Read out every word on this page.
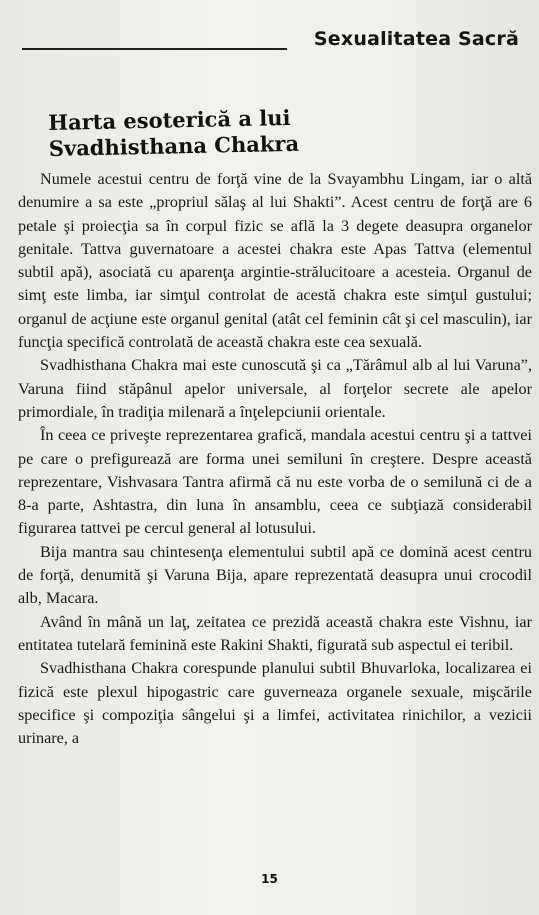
Sexualitatea Sacră
Harta esoterică a lui Svadhisthana Chakra

Numele acestui centru de forţă vine de la Svayambhu Lingam, iar o altă denumire a sa este „propriul sălaş al lui Shakti”. Acest centru de forţă are 6 petale şi proiecţia sa în corpul fizic se află la 3 degete deasupra organelor genitale. Tattva guvernatoare a acestei chakra este Apas Tattva (elementul subtil apă), asociată cu aparenţa argintie-strălucitoare a acesteia. Organul de simţ este limba, iar simţul controlat de acestă chakra este simţul gustului; organul de acţiune este organul genital (atât cel feminin cât şi cel masculin), iar funcţia specifică controlată de această chakra este cea sexuală.

Svadhisthana Chakra mai este cunoscută şi ca „Tărâmul alb al lui Varuna”, Varuna fiind stăpânul apelor universale, al forţelor secrete ale apelor primordiale, în tradiţia milenară a înţelepciunii orientale.

În ceea ce priveşte reprezentarea grafică, mandala acestui centru şi a tattvei pe care o prefigurează are forma unei semiluni în creştere. Despre această reprezentare, Vishvasara Tantra afirmă că nu este vorba de o semilună ci de a 8-a parte, Ashtastra, din luna în ansamblu, ceea ce subţiază considerabil figurarea tattvei pe cercul general al lotusului.

Bija mantra sau chintesenţa elementului subtil apă ce domină acest centru de forţă, denumită şi Varuna Bija, apare reprezentată deasupra unui crocodil alb, Macara.

Având în mână un laţ, zeitatea ce prezidă această chakra este Vishnu, iar entitatea tutelară feminină este Rakini Shakti, figurată sub aspectul ei teribil.

Svadhisthana Chakra corespunde planului subtil Bhuvarloka, localizarea ei fizică este plexul hipogastric care guverneaza organele sexuale, mişcările specifice şi compoziţia sângelui şi a limfei, activitatea rinichilor, a vezicii urinare, a

15
